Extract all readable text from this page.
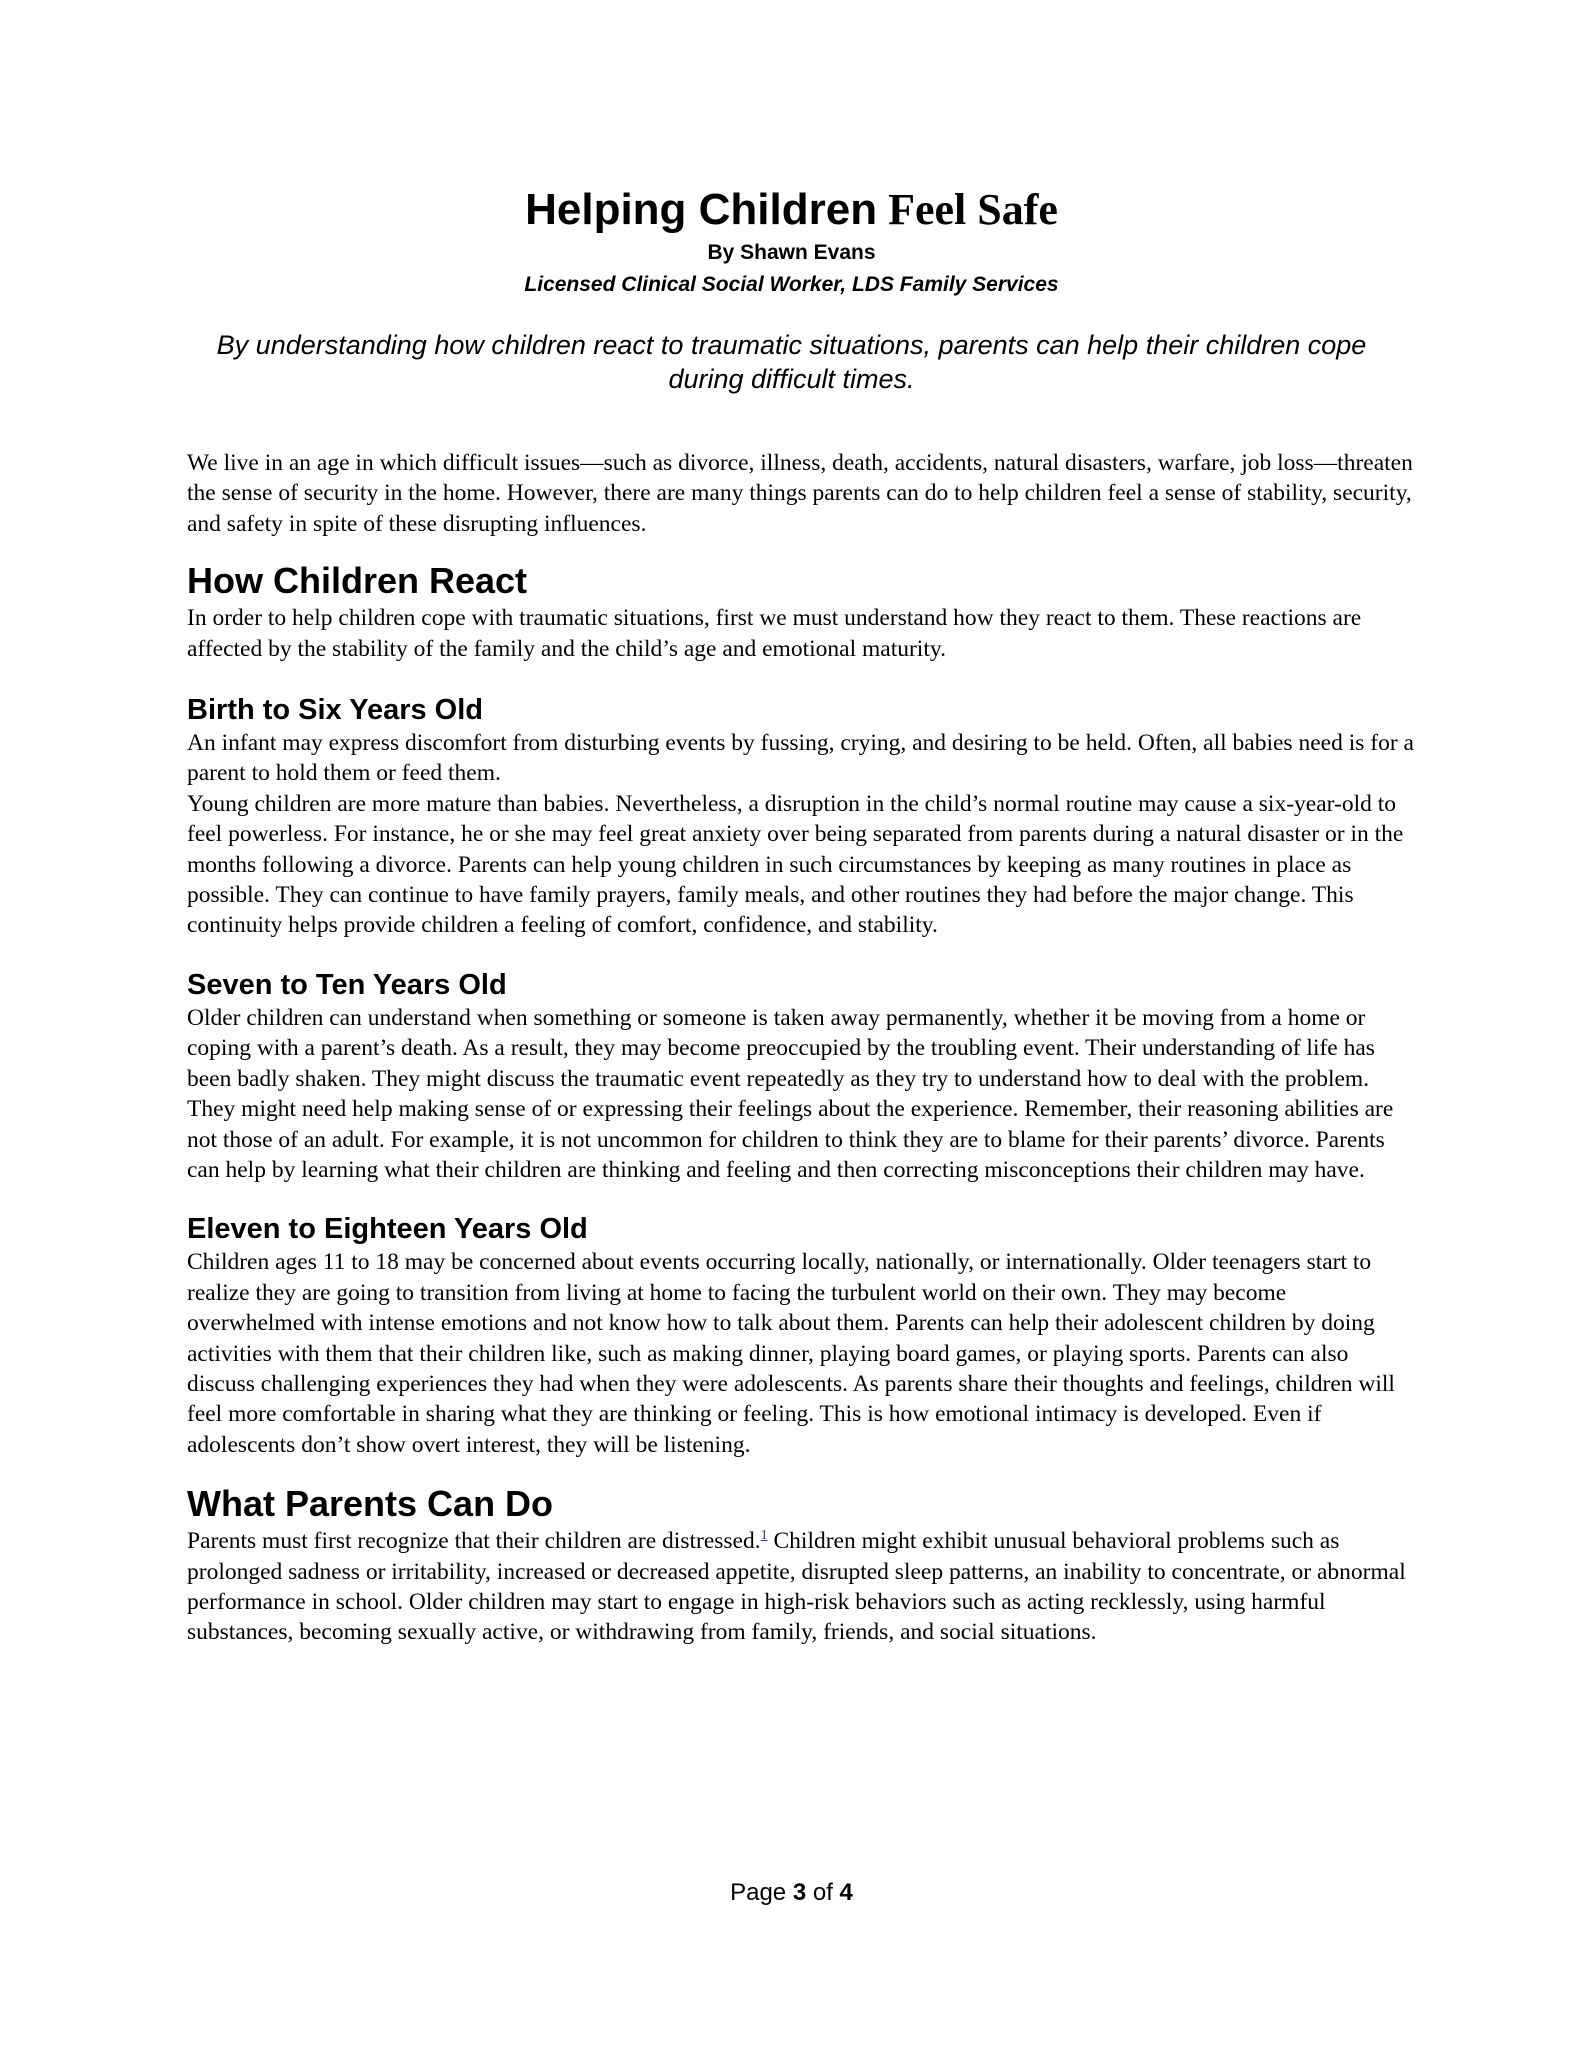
Helping Children Feel Safe

By Shawn Evans

Licensed Clinical Social Worker, LDS Family Services

By understanding how children react to traumatic situations, parents can help their children cope during difficult times.

We live in an age in which difficult issues—such as divorce, illness, death, accidents, natural disasters, warfare, job loss—threaten the sense of security in the home. However, there are many things parents can do to help children feel a sense of stability, security, and safety in spite of these disrupting influences.

How Children React

In order to help children cope with traumatic situations, first we must understand how they react to them. These reactions are affected by the stability of the family and the child’s age and emotional maturity.

Birth to Six Years Old

An infant may express discomfort from disturbing events by fussing, crying, and desiring to be held. Often, all babies need is for a parent to hold them or feed them.

Young children are more mature than babies. Nevertheless, a disruption in the child’s normal routine may cause a six-year-old to feel powerless. For instance, he or she may feel great anxiety over being separated from parents during a natural disaster or in the months following a divorce. Parents can help young children in such circumstances by keeping as many routines in place as possible. They can continue to have family prayers, family meals, and other routines they had before the major change. This continuity helps provide children a feeling of comfort, confidence, and stability.

Seven to Ten Years Old

Older children can understand when something or someone is taken away permanently, whether it be moving from a home or coping with a parent’s death. As a result, they may become preoccupied by the troubling event. Their understanding of life has been badly shaken. They might discuss the traumatic event repeatedly as they try to understand how to deal with the problem. They might need help making sense of or expressing their feelings about the experience. Remember, their reasoning abilities are not those of an adult. For example, it is not uncommon for children to think they are to blame for their parents’ divorce. Parents can help by learning what their children are thinking and feeling and then correcting misconceptions their children may have.

Eleven to Eighteen Years Old

Children ages 11 to 18 may be concerned about events occurring locally, nationally, or internationally. Older teenagers start to realize they are going to transition from living at home to facing the turbulent world on their own. They may become overwhelmed with intense emotions and not know how to talk about them. Parents can help their adolescent children by doing activities with them that their children like, such as making dinner, playing board games, or playing sports. Parents can also discuss challenging experiences they had when they were adolescents. As parents share their thoughts and feelings, children will feel more comfortable in sharing what they are thinking or feeling. This is how emotional intimacy is developed. Even if adolescents don’t show overt interest, they will be listening.

What Parents Can Do

Parents must first recognize that their children are distressed.$^1$ Children might exhibit unusual behavioral problems such as prolonged sadness or irritability, increased or decreased appetite, disrupted sleep patterns, an inability to concentrate, or abnormal performance in school. Older children may start to engage in high-risk behaviors such as acting recklessly, using harmful substances, becoming sexually active, or withdrawing from family, friends, and social situations.

Page 3 of 4
